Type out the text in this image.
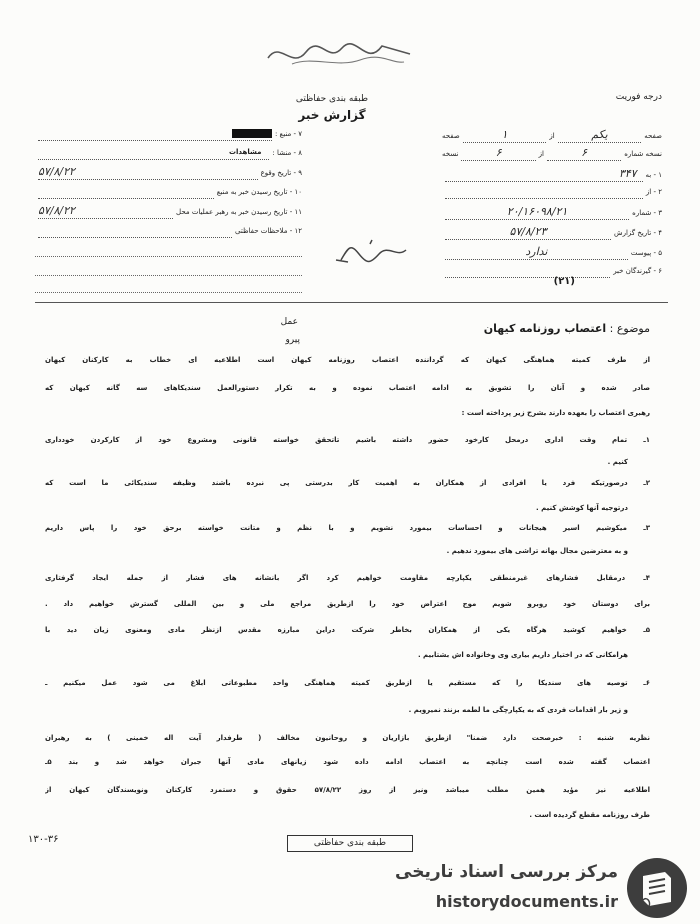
درجه فوریت
طبقه بندی حفاظتی
گزارش خبر
صفحه
یکم
از
۱
صفحه
نسخه شماره
۶
از
۶
نسخه
۱ - به
۳۴۷
۲ - از
۳ - شماره
۲۰/۱۶۰۹۸/۲۱
۴ - تاریخ گزارش
۵۷/۸/۲۳
۵ - پیوست
ندارد
۶ - گیرندگان خبر
(۲۱)
۷ - منبع :
۸ - منشا :
مشاهدات
۹ - تاریخ وقوع
۵۷/۸/۲۲
۱۰ - تاریخ رسیدن خبر به منبع
۱۱ - تاریخ رسیدن خبر به رهبر عملیات محل
۵۷/۸/۲۲
۱۲ - ملاحظات حفاظتی
عمل
پیرو
موضوع : اعتصاب روزنامه کیهان
از طرف کمیته هماهنگی کیهان که گرداننده اعتصاب روزنامه کیهان است اطلاعیه ای خطاب به کارکنان کیهان
صادر شده و آنان را تشویق به ادامه اعتصاب نموده و به تکرار دستورالعمل سندیکاهای سه گانه کیهان که
رهبری اعتصاب را بعهده دارند بشرح زیر پرداخته است :
۱ـ تمام وقت اداری درمحل کارخود حضور داشته باشیم تاتحقق خواسته قانونی ومشروع خود از کارکردن خودداری
کنیم .
۲ـ درصورتیکه فرد یا افرادی از همکاران به اهمیت کار بدرستی پی نبرده باشند وظیفه سندیکائی ما است که
درتوجیه آنها کوشش کنیم .
۳ـ میکوشیم اسیر هیجانات و احساسات بیمورد نشویم و با نظم و متانت خواسته برحق خود را پاس داریم
و به معترضین مجال بهانه تراشی های بیمورد ندهیم .
۴ـ درمقابل فشارهای غیرمنطقی یکپارچه مقاومت خواهیم کرد اگر بانشانه های فشار از جمله ایجاد گرفتاری
برای دوستان خود روبرو شویم موج اعتراض خود را ازطریق مراجع ملی و بین المللی گسترش خواهیم داد .
۵ـ خواهیم کوشید هرگاه یکی از همکاران بخاطر شرکت دراین مبارزه مقدس ازنظر مادی ومعنوی زیان دید با
هرامکانی که در اختیار داریم بیاری وی وخانواده اش بشتابیم .
۶ـ توصیه های سندیکا را که مستقیم یا ازطریق کمیته هماهنگی واحد مطبوعاتی ابلاغ می شود عمل میکنیم ـ
و زیر بار اقدامات فردی که به یکپارچگی ما لطمه بزنند نمیرویم .
نظریه شنبه : خبرصحت دارد ضمنا" ازطریق بازاریان و روحانیون مخالف ( طرفدار آیت اله خمینی ) به رهبران
اعتصاب گفته شده است چنانچه به اعتصاب ادامه داده شود زیانهای مادی آنها جبران خواهد شد و بند ۵ـ
اطلاعیه نیز مؤید همین مطلب میباشد ونیز از روز ۵۷/۸/۲۲ حقوق و دستمزد کارکنان ونویسندگان کیهان از
طرف روزنامه مقطع گردیده است .
طبقه بندی حفاظتی
۱۳۰-۳۶
مرکز بررسی اسناد تاریخی
historydocuments.ir
